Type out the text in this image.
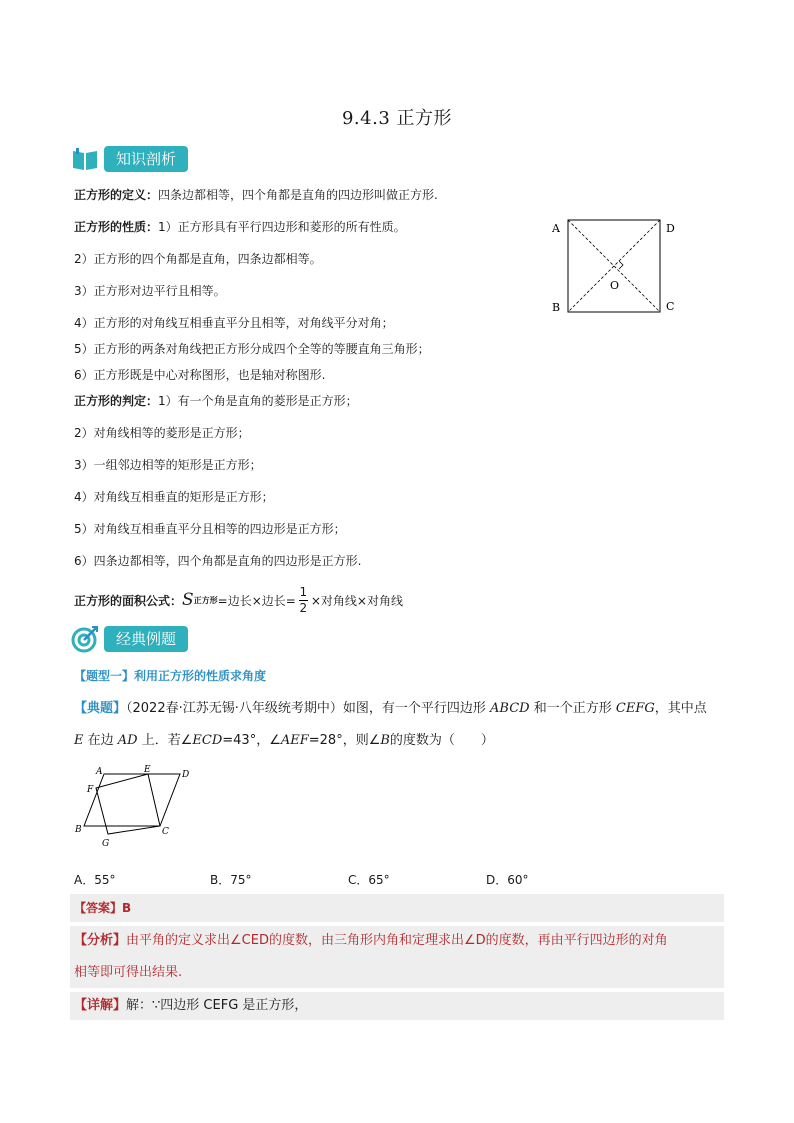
9.4.3 正方形
知识剖析
正方形的定义：四条边都相等，四个角都是直角的四边形叫做正方形.
正方形的性质：1）正方形具有平行四边形和菱形的所有性质。
2）正方形的四个角都是直角，四条边都相等。
3）正方形对边平行且相等。
4）正方形的对角线互相垂直平分且相等，对角线平分对角；
5）正方形的两条对角线把正方形分成四个全等的等腰直角三角形；
6）正方形既是中心对称图形，也是轴对称图形.
正方形的判定：1）有一个角是直角的菱形是正方形；
2）对角线相等的菱形是正方形；
3）一组邻边相等的矩形是正方形；
4）对角线互相垂直的矩形是正方形；
5）对角线互相垂直平分且相等的四边形是正方形；
6）四条边都相等，四个角都是直角的四边形是正方形.
正方形的面积公式： S 正方形 =边长×边长= $\frac{1}{2}$ ×对角线×对角线
A	D
B	C
O
经典例题
【题型一】利用正方形的性质求角度
【典题】（2022春·江苏无锡·八年级统考期中）如图，有一个平行四边形 ABCD 和一个正方形 CEFG，其中点
E 在边 AD 上．若∠ECD=43°，∠AEF=28°，则∠B的度数为（　　）
A	E	D
F
B	C
G
A．55°	B．75°	C．65°	D．60°
【答案】B
【分析】由平角的定义求出∠CED的度数，由三角形内角和定理求出∠D的度数，再由平行四边形的对角
相等即可得出结果.
【详解】解：∵四边形 CEFG 是正方形，
